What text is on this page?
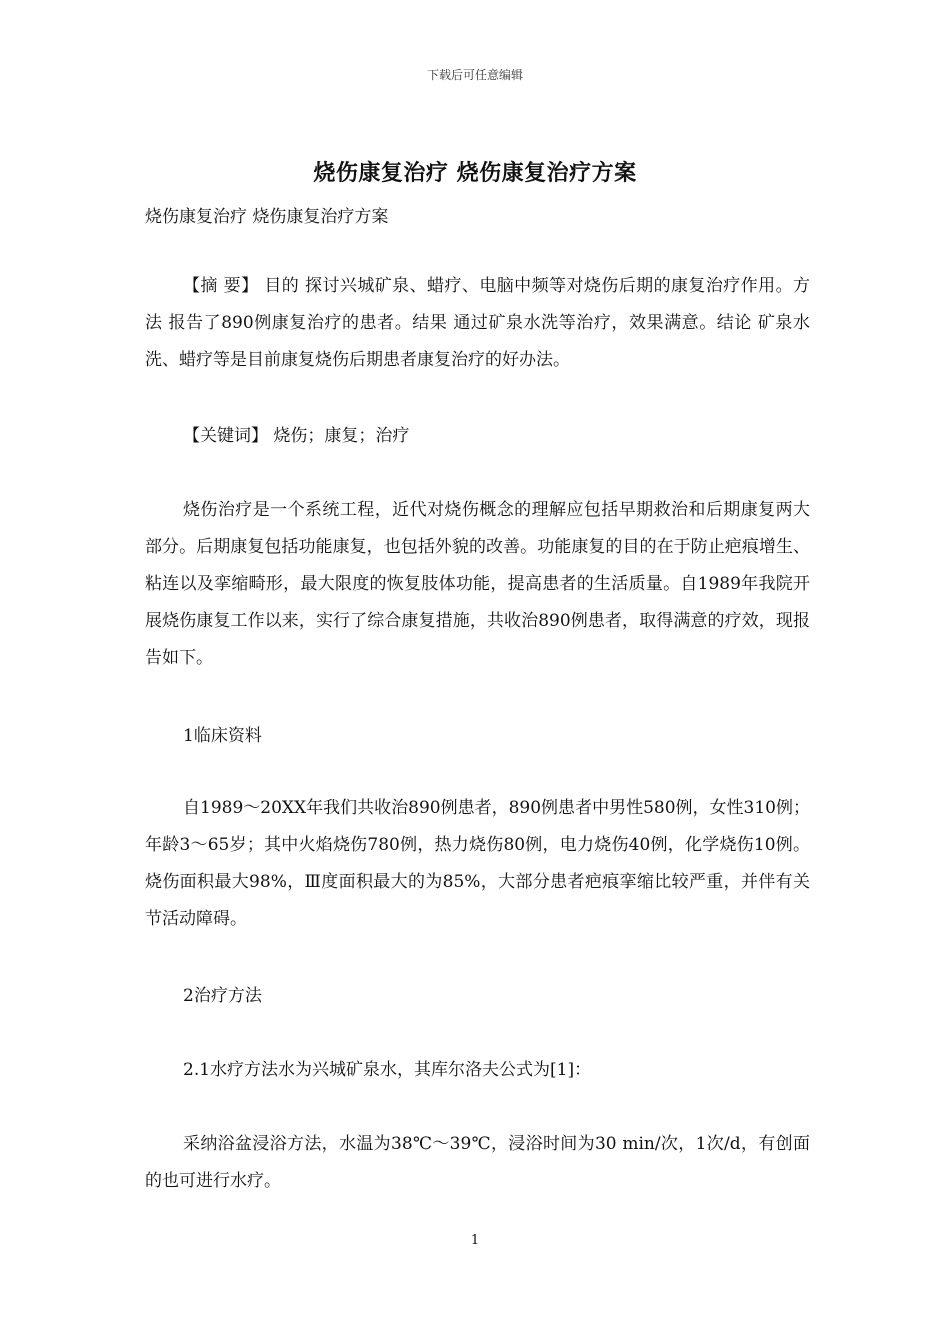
下载后可任意编辑
烧伤康复治疗 烧伤康复治疗方案
烧伤康复治疗 烧伤康复治疗方案

【摘 要】 目的 探讨兴城矿泉、蜡疗、电脑中频等对烧伤后期的康复治疗作用。方法 报告了890例康复治疗的患者。结果 通过矿泉水洗等治疗，效果满意。结论 矿泉水洗、蜡疗等是目前康复烧伤后期患者康复治疗的好办法。

【关键词】 烧伤；康复；治疗

烧伤治疗是一个系统工程，近代对烧伤概念的理解应包括早期救治和后期康复两大部分。后期康复包括功能康复，也包括外貌的改善。功能康复的目的在于防止疤痕增生、粘连以及挛缩畸形，最大限度的恢复肢体功能，提高患者的生活质量。自1989年我院开展烧伤康复工作以来，实行了综合康复措施，共收治890例患者，取得满意的疗效，现报告如下。

1临床资料

自1989～20XX年我们共收治890例患者，890例患者中男性580例，女性310例；年龄3～65岁；其中火焰烧伤780例，热力烧伤80例，电力烧伤40例，化学烧伤10例。烧伤面积最大98%，Ⅲ度面积最大的为85%，大部分患者疤痕挛缩比较严重，并伴有关节活动障碍。

2治疗方法

2.1水疗方法水为兴城矿泉水，其库尔洛夫公式为[1]：

采纳浴盆浸浴方法，水温为38℃～39℃，浸浴时间为30 min/次，1次/d，有创面的也可进行水疗。

1
